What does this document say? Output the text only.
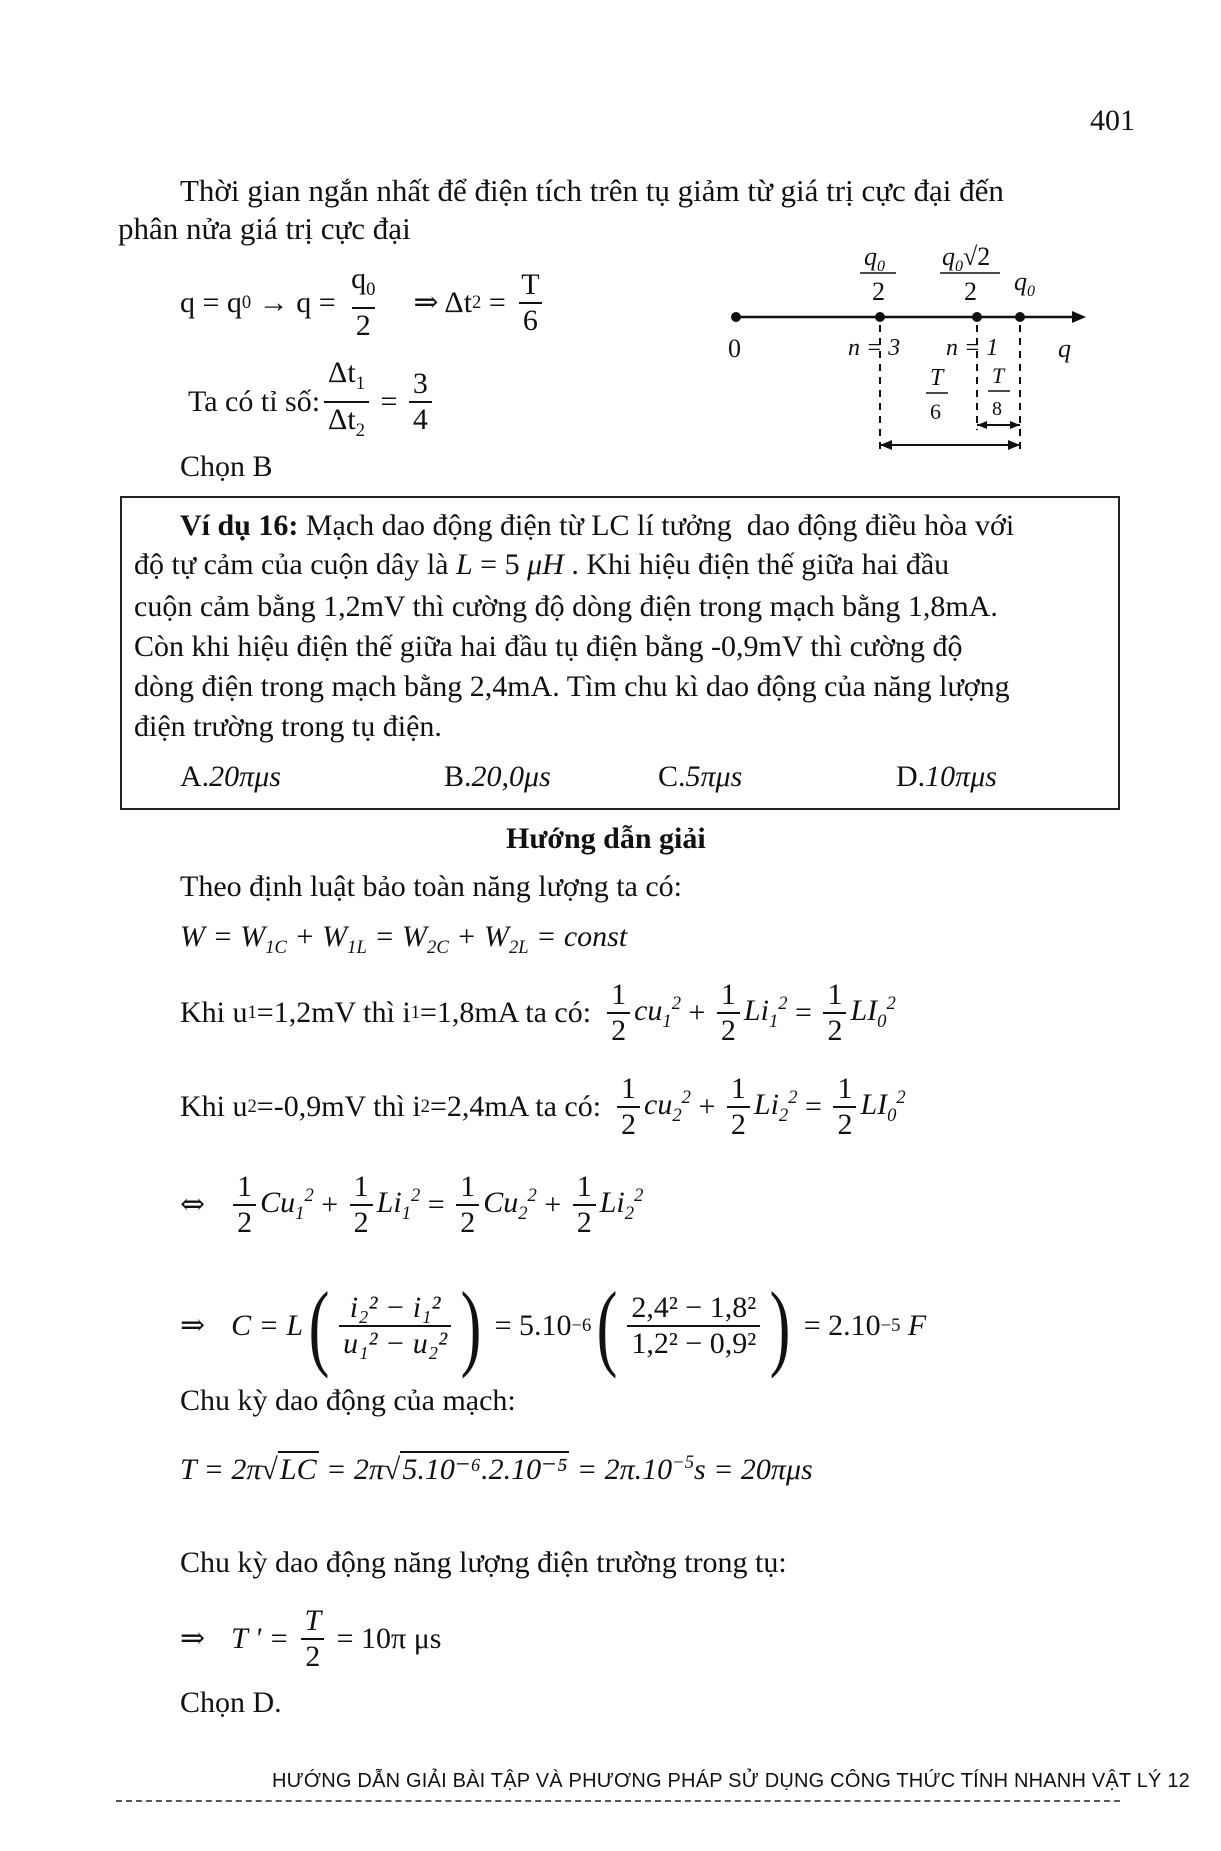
401
Thời gian ngắn nhất để điện tích trên tụ giảm từ giá trị cực đại đến
phân nửa giá trị cực đại
q = q $0 \to q = \frac{q_0}{2}$ ⇒ Δt $2 = \frac{T}{6}$
Ta có tỉ số: $\frac{\Delta t_1}{\Delta t_2} = \frac{3}{4}$
Chọn B
$q_0$
2
$q_0√2$
2 $q_0$
0	n = 3 n = 1 q
T
6
T
8
Ví dụ 16: Mạch dao động điện từ LC lí tưởng  dao động điều hòa với
độ tự cảm của cuộn dây là L = 5 μH . Khi hiệu điện thế giữa hai đầu
cuộn cảm bằng 1,2mV thì cường độ dòng điện trong mạch bằng 1,8mA.
Còn khi hiệu điện thế giữa hai đầu tụ điện bằng -0,9mV thì cường độ
dòng điện trong mạch bằng 2,4mA. Tìm chu kì dao động của năng lượng
điện trường trong tụ điện.
A.20πμs	B.20,0μs	C.5πμs	D.10πμs
Hướng dẫn giải
Theo định luật bảo toàn năng lượng ta có:
$W = W_{1C} + W_{1L} = W_{2C} + W_{2L}$ = const
Khi u 1 =1,2mV thì i 1 =1,8mA ta có: $\frac{1}{2} cu_1^2 + \frac{1}{2} Li_1^2 = \frac{1}{2} LI_0^2$
Khi u 2 =-0,9mV thì i 2 =2,4mA ta có: $\frac{1}{2} cu_2^2 + \frac{1}{2} Li_2^2 = \frac{1}{2} LI_0^2$
⇔ $\frac{1}{2} Cu_1^2 + \frac{1}{2} Li_1^2 = \frac{1}{2} Cu_2^2 + \frac{1}{2} Li_2^2$
⇒ C = L ( $\frac{\text{i₂² − i₁²}}{\text{u₁² − u₂²}}$ ) = 5.10 −6 ( $\frac{\text{2,4² − 1,8²}}{\text{1,2² − 0,9²}}$ ) = 2.10 −5 F
Chu kỳ dao động của mạch:
$T = 2\pi√LC = 2\pi√5.10^{-6}.2.10^{-5} = 2\pi.10^{-5}s = 20\pi\mu s$
Chu kỳ dao động năng lượng điện trường trong tụ:
⇒ T ' = $\frac{T}{2} = 10\pi$ μs
Chọn D.
HƯỚNG DẪN GIẢI BÀI TẬP VÀ PHƯƠNG PHÁP SỬ DỤNG CÔNG THỨC TÍNH NHANH VẬT LÝ 12
